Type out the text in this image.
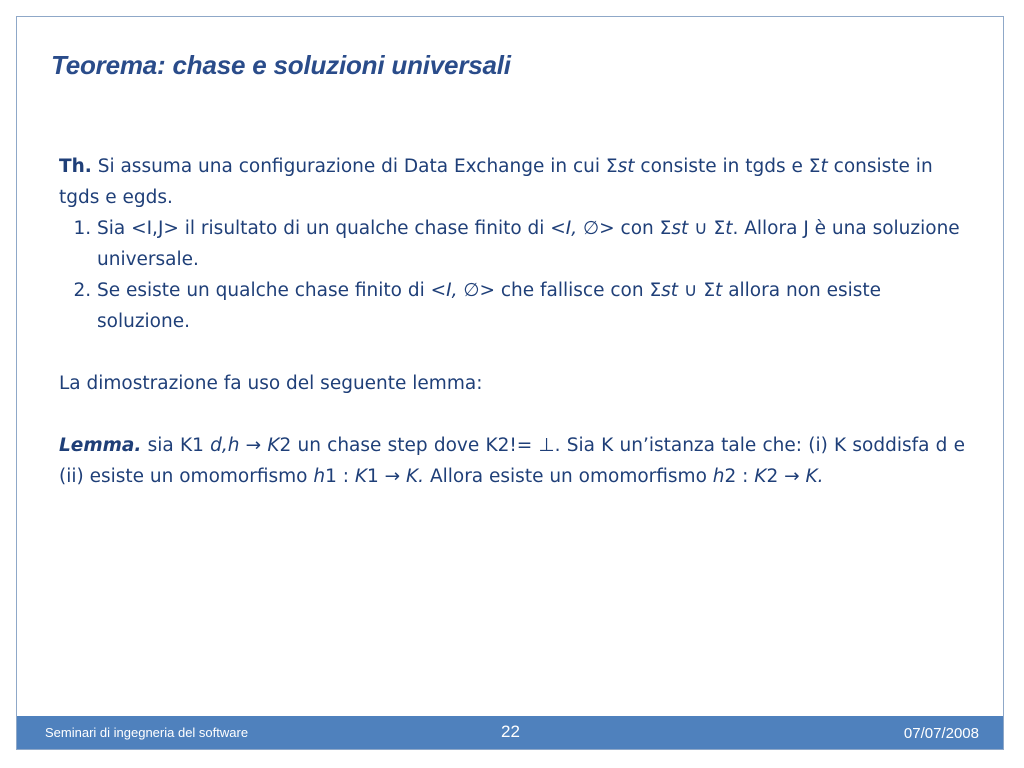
Teorema: chase e soluzioni universali

Th. Si assuma una configurazione di Data Exchange in cui Σst consiste in tgds e Σt consiste in tgds e egds.

1. Sia <I,J> il risultato di un qualche chase finito di <I, ∅> con Σst ∪ Σt. Allora J è una soluzione universale.
2. Se esiste un qualche chase finito di <I, ∅> che fallisce con Σst ∪ Σt allora non esiste soluzione.

La dimostrazione fa uso del seguente lemma:

Lemma. sia K1 d,h → K2 un chase step dove K2!= ⊥. Sia K un’istanza tale che: (i) K soddisfa d e (ii) esiste un omomorfismo h1 : K1 → K. Allora esiste un omomorfismo h2 : K2 → K.

Seminari di ingegneria del software	22	07/07/2008
